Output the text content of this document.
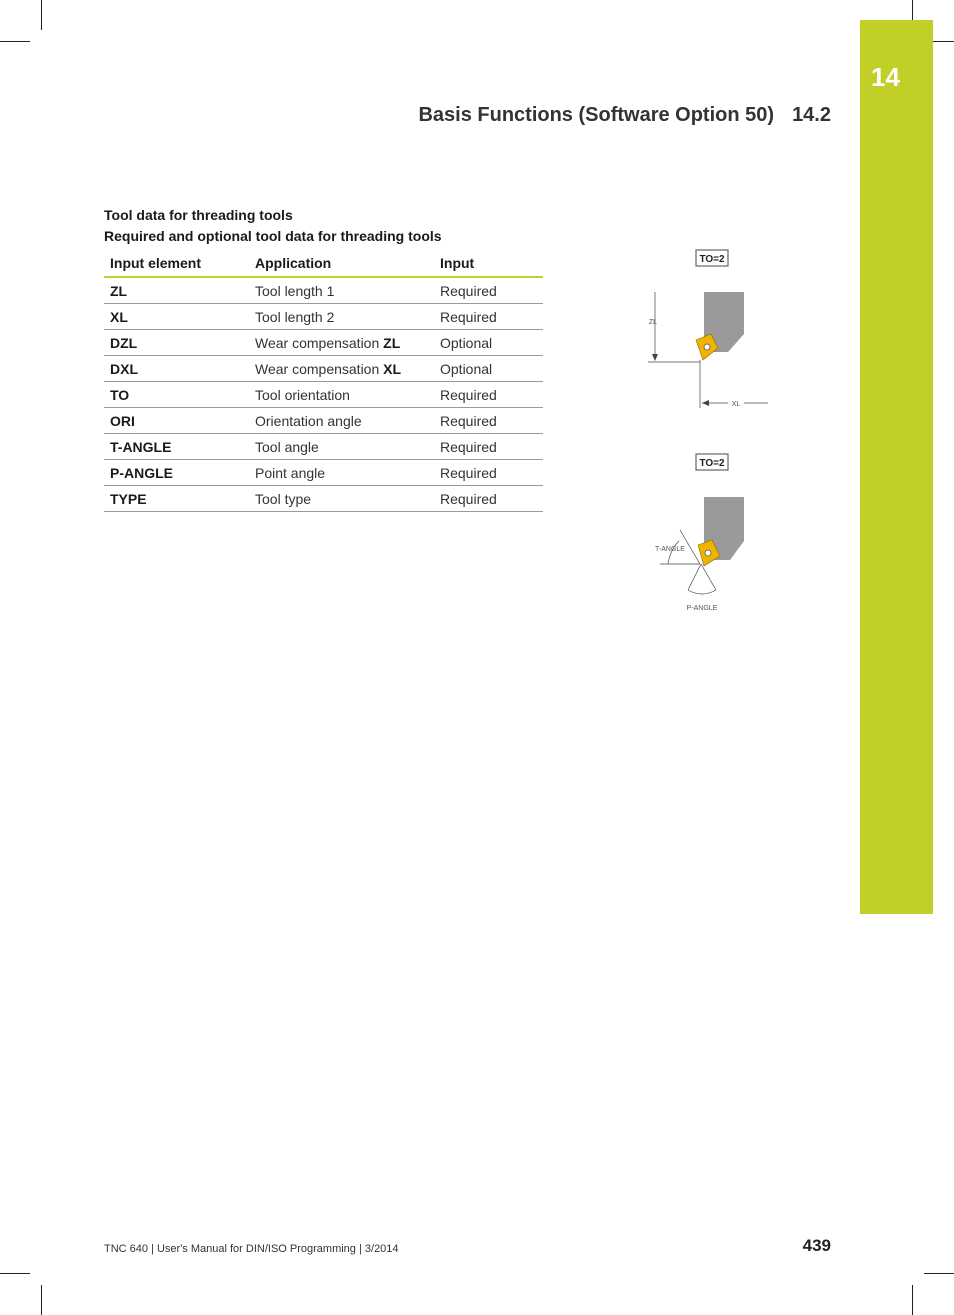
14
Basis Functions (Software Option 50) 14.2
Tool data for threading tools
Required and optional tool data for threading tools
Input element	Application	Input
ZL	Tool length 1	Required
XL	Tool length 2	Required
DZL	Wear compensation ZL	Optional
DXL	Wear compensation XL	Optional
TO	Tool orientation	Required
ORI	Orientation angle	Required
T-ANGLE	Tool angle	Required
P-ANGLE	Point angle	Required
TYPE	Tool type	Required
TO=2
ZL
XL
TO=2
T-ANGLE
P-ANGLE
TNC 640 | User's Manual for DIN/ISO Programming | 3/2014	439
